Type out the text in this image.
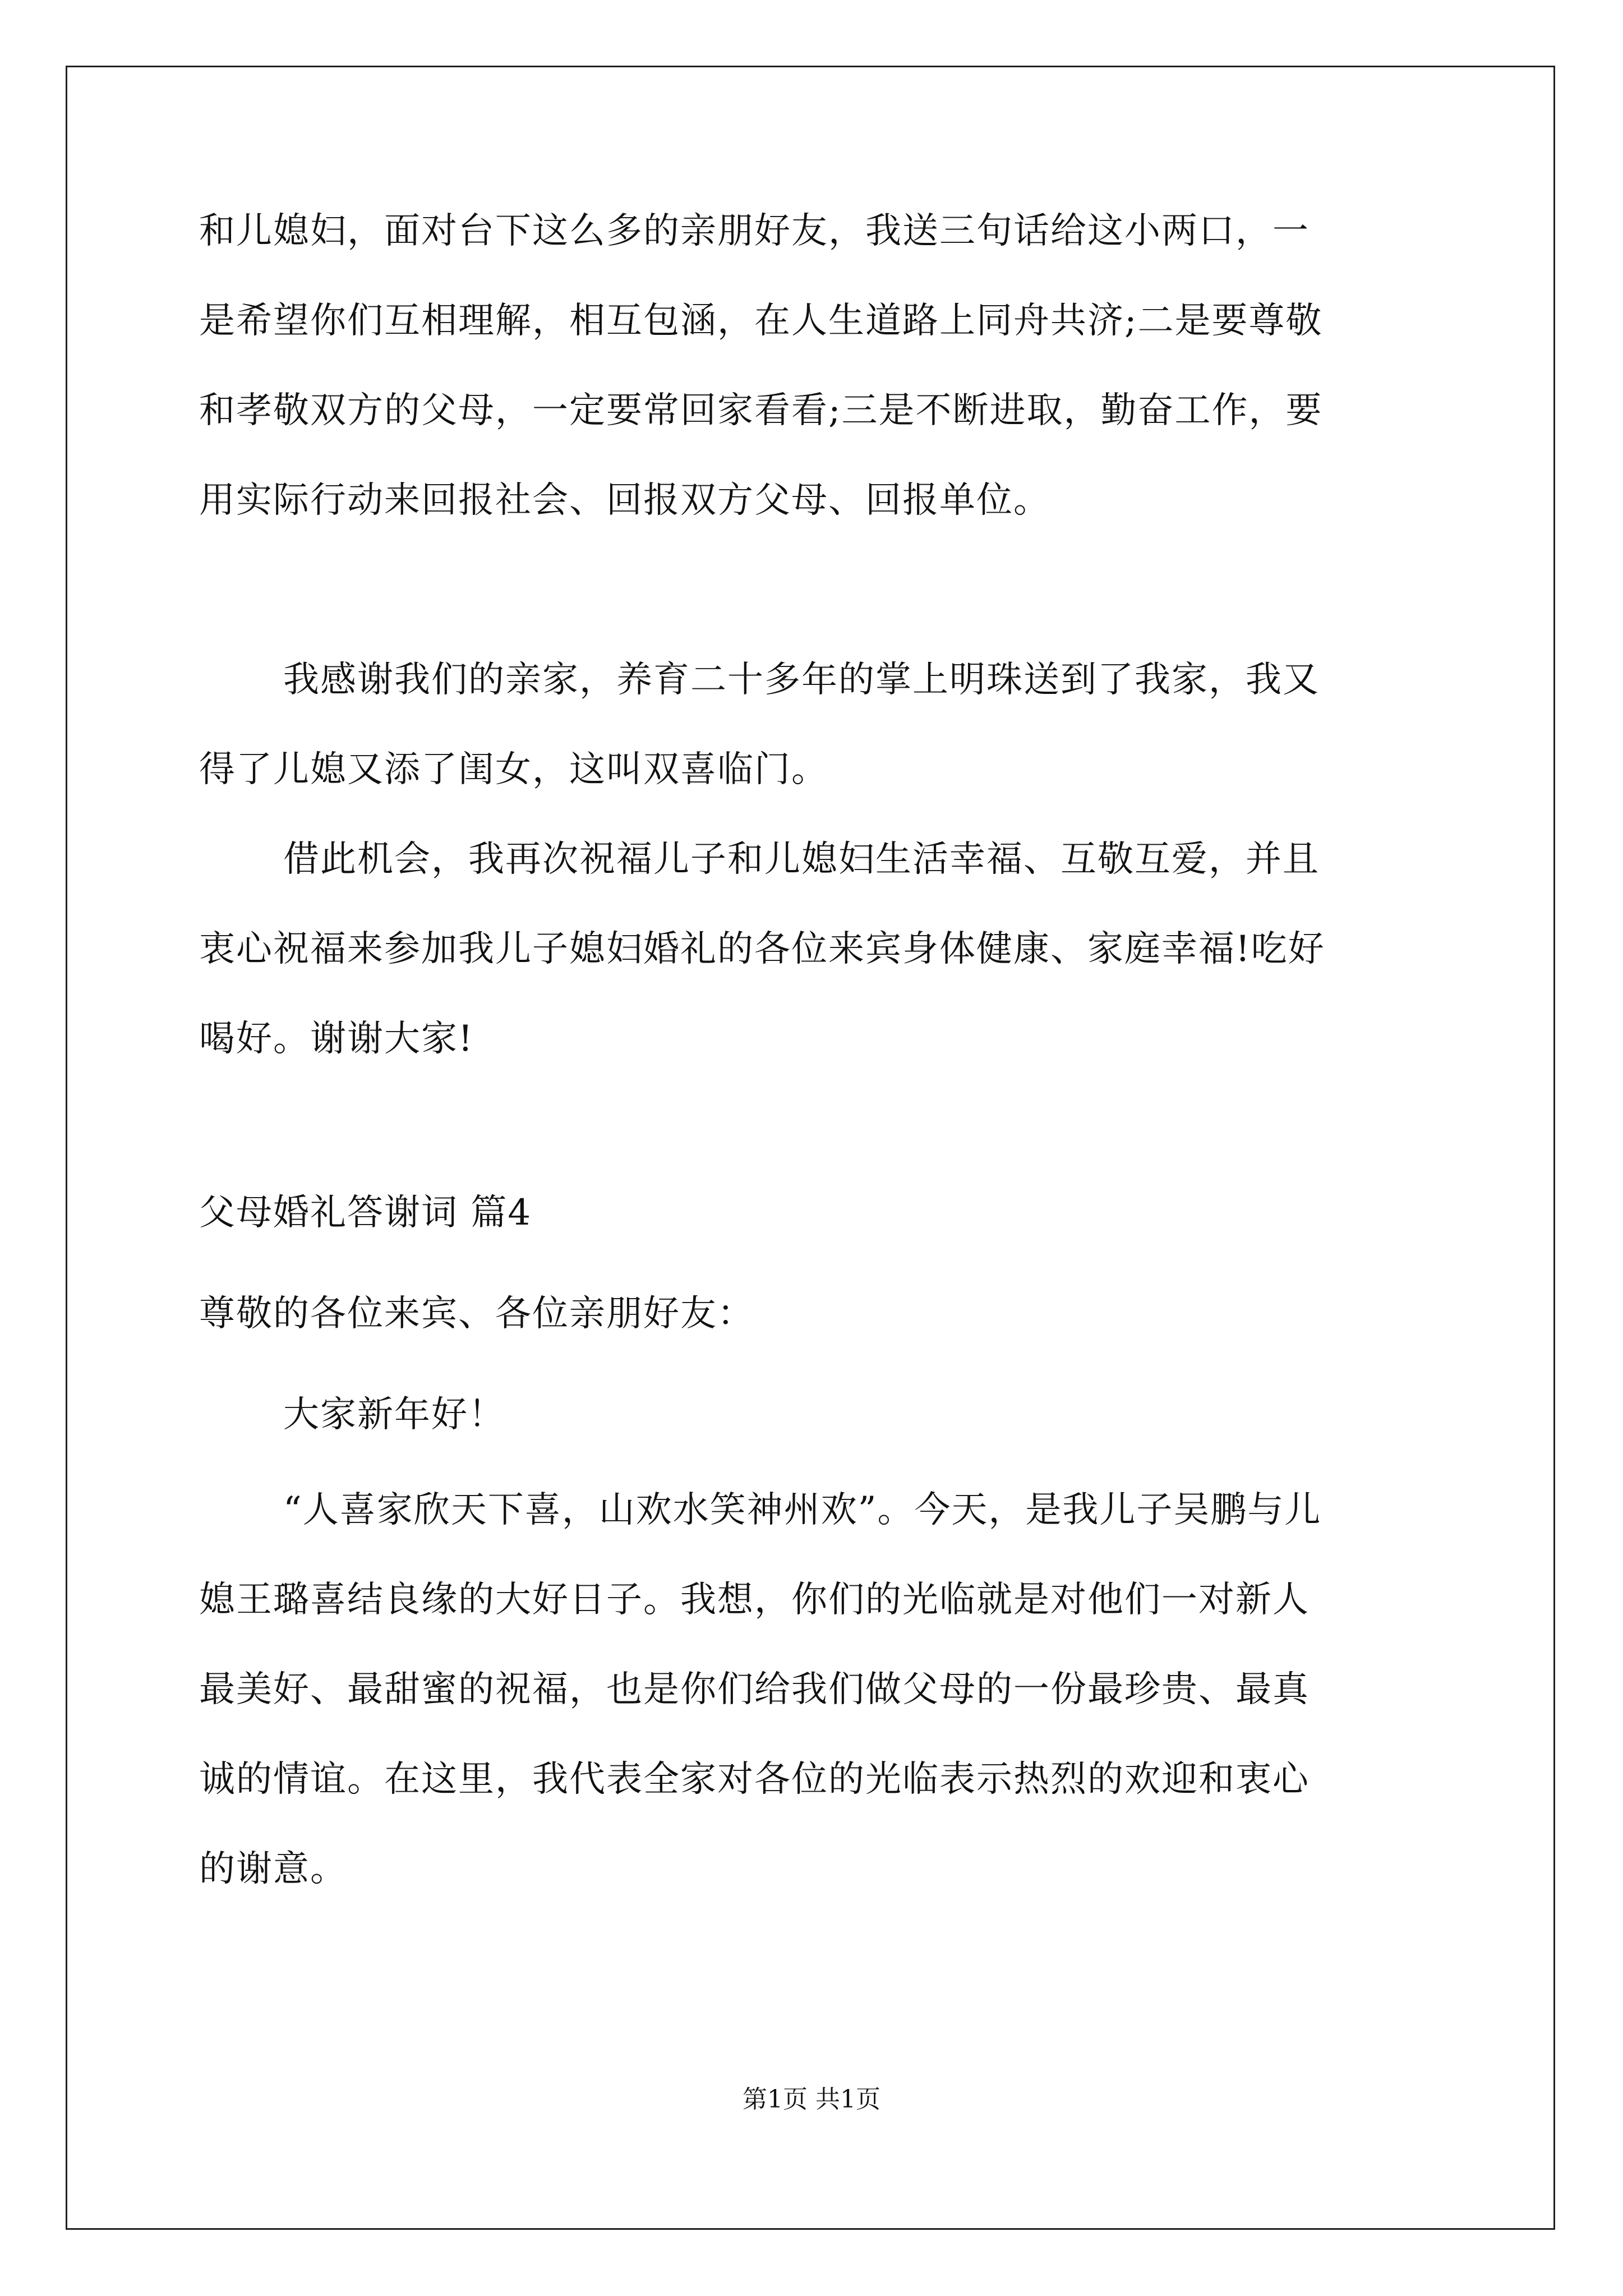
和儿媳妇，面对台下这么多的亲朋好友，我送三句话给这小两口，一
是希望你们互相理解，相互包涵，在人生道路上同舟共济;二是要尊敬
和孝敬双方的父母，一定要常回家看看;三是不断进取，勤奋工作，要
用实际行动来回报社会、回报双方父母、回报单位。
我感谢我们的亲家，养育二十多年的掌上明珠送到了我家，我又
得了儿媳又添了闺女，这叫双喜临门。
借此机会，我再次祝福儿子和儿媳妇生活幸福、互敬互爱，并且
衷心祝福来参加我儿子媳妇婚礼的各位来宾身体健康、家庭幸福!吃好
喝好。谢谢大家!
父母婚礼答谢词 篇4
尊敬的各位来宾、各位亲朋好友：
大家新年好！
“人喜家欣天下喜，山欢水笑神州欢”。今天，是我儿子吴鹏与儿
媳王璐喜结良缘的大好日子。我想，你们的光临就是对他们一对新人
最美好、最甜蜜的祝福，也是你们给我们做父母的一份最珍贵、最真
诚的情谊。在这里，我代表全家对各位的光临表示热烈的欢迎和衷心
的谢意。
第1页 共1页
